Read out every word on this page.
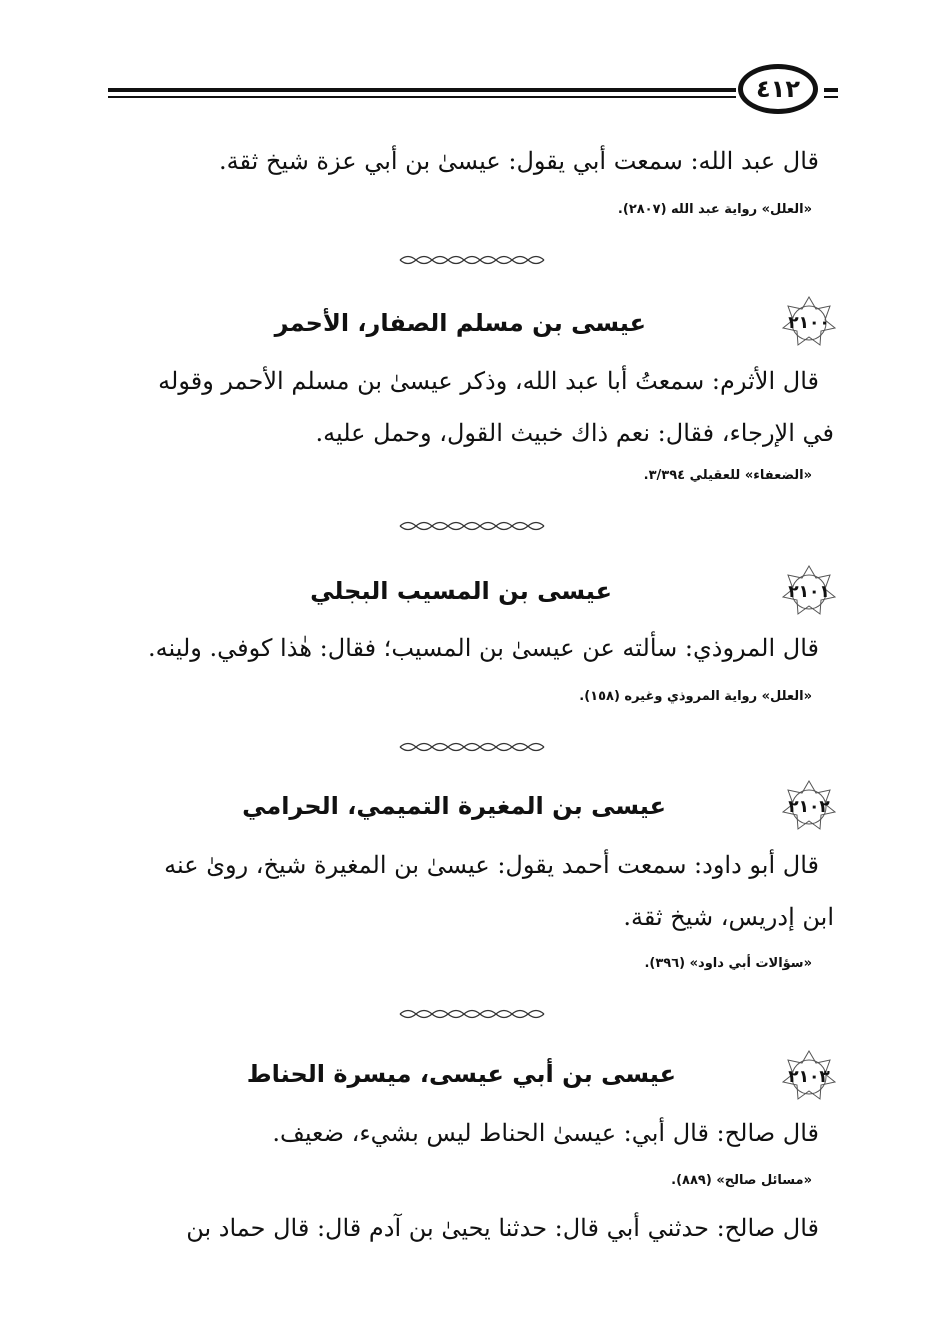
٤١٢
قال عبد الله: سمعت أبي يقول: عيسىٰ بن أبي عزة شيخ ثقة.
«العلل» رواية عبد الله (٢٨٠٧).
٢١٠٠
عيسى بن مسلم الصفار، الأحمر
قال الأثرم: سمعتُ أبا عبد الله، وذكر عيسىٰ بن مسلم الأحمر وقوله
في الإرجاء، فقال: نعم ذاك خبيث القول، وحمل عليه.
«الضعفاء» للعقيلي ٣/٣٩٤.
٢١٠١
عيسى بن المسيب البجلي
قال المروذي: سألته عن عيسىٰ بن المسيب؛ فقال: هٰذا كوفي. ولينه.
«العلل» رواية المروذي وغيره (١٥٨).
٢١٠٢
عيسى بن المغيرة التميمي، الحرامي
قال أبو داود: سمعت أحمد يقول: عيسىٰ بن المغيرة شيخ، روىٰ عنه
ابن إدريس، شيخ ثقة.
«سؤالات أبي داود» (٣٩٦).
٢١٠٣
عيسى بن أبي عيسى، ميسرة الحناط
قال صالح: قال أبي: عيسىٰ الحناط ليس بشيء، ضعيف.
«مسائل صالح» (٨٨٩).
قال صالح: حدثني أبي قال: حدثنا يحيىٰ بن آدم قال: قال حماد بن
